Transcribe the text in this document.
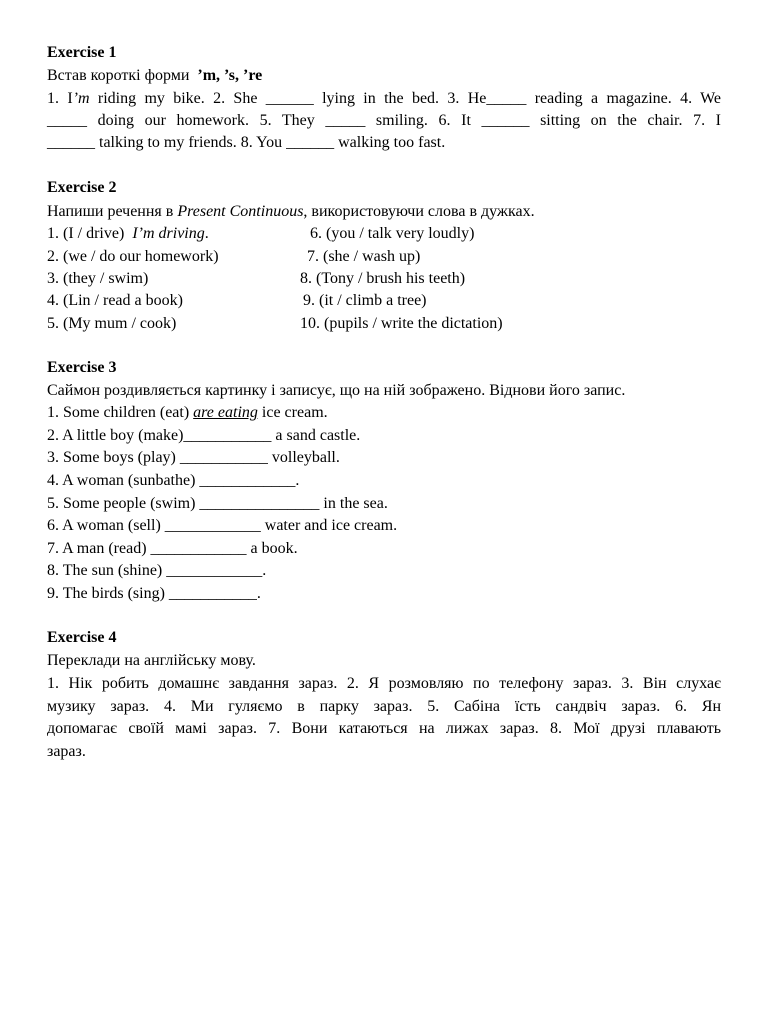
Exercise 1
Встав короткі форми ’m, ’s, ’re
1. I’m riding my bike. 2. She ______ lying in the bed. 3. He_____ reading a magazine. 4. We
_____ doing our homework. 5. They _____ smiling. 6. It ______ sitting on the chair. 7. I
______ talking to my friends. 8. You ______ walking too fast.
Exercise 2
Напиши речення в Present Continuous, використовуючи слова в дужках.
1. (I / drive) I’m driving.
2. (we / do our homework)
3. (they / swim)
4. (Lin / read a book)
5. (My mum / cook)
6. (you / talk very loudly)
7. (she / wash up)
8. (Tony / brush his teeth)
9. (it / climb a tree)
10. (pupils / write the dictation)
Exercise 3
Саймон роздивляється картинку і записує, що на ній зображено. Віднови його запис.
1. Some children (eat) are eating ice cream.
2. A little boy (make)___________ a sand castle.
3. Some boys (play) ___________ volleyball.
4. A woman (sunbathe) ____________.
5. Some people (swim) _______________ in the sea.
6. A woman (sell) ____________ water and ice cream.
7. A man (read) ____________ a book.
8. The sun (shine) ____________.
9. The birds (sing) ___________.
Exercise 4
Переклади на англійську мову.
1. Нік робить домашнє завдання зараз. 2. Я розмовляю по телефону зараз. 3. Він слухає
музику зараз. 4. Ми гуляємо в парку зараз. 5. Сабіна їсть сандвіч зараз. 6. Ян
допомагає своїй мамі зараз. 7. Вони катаються на лижах зараз. 8. Мої друзі плавають
зараз.
